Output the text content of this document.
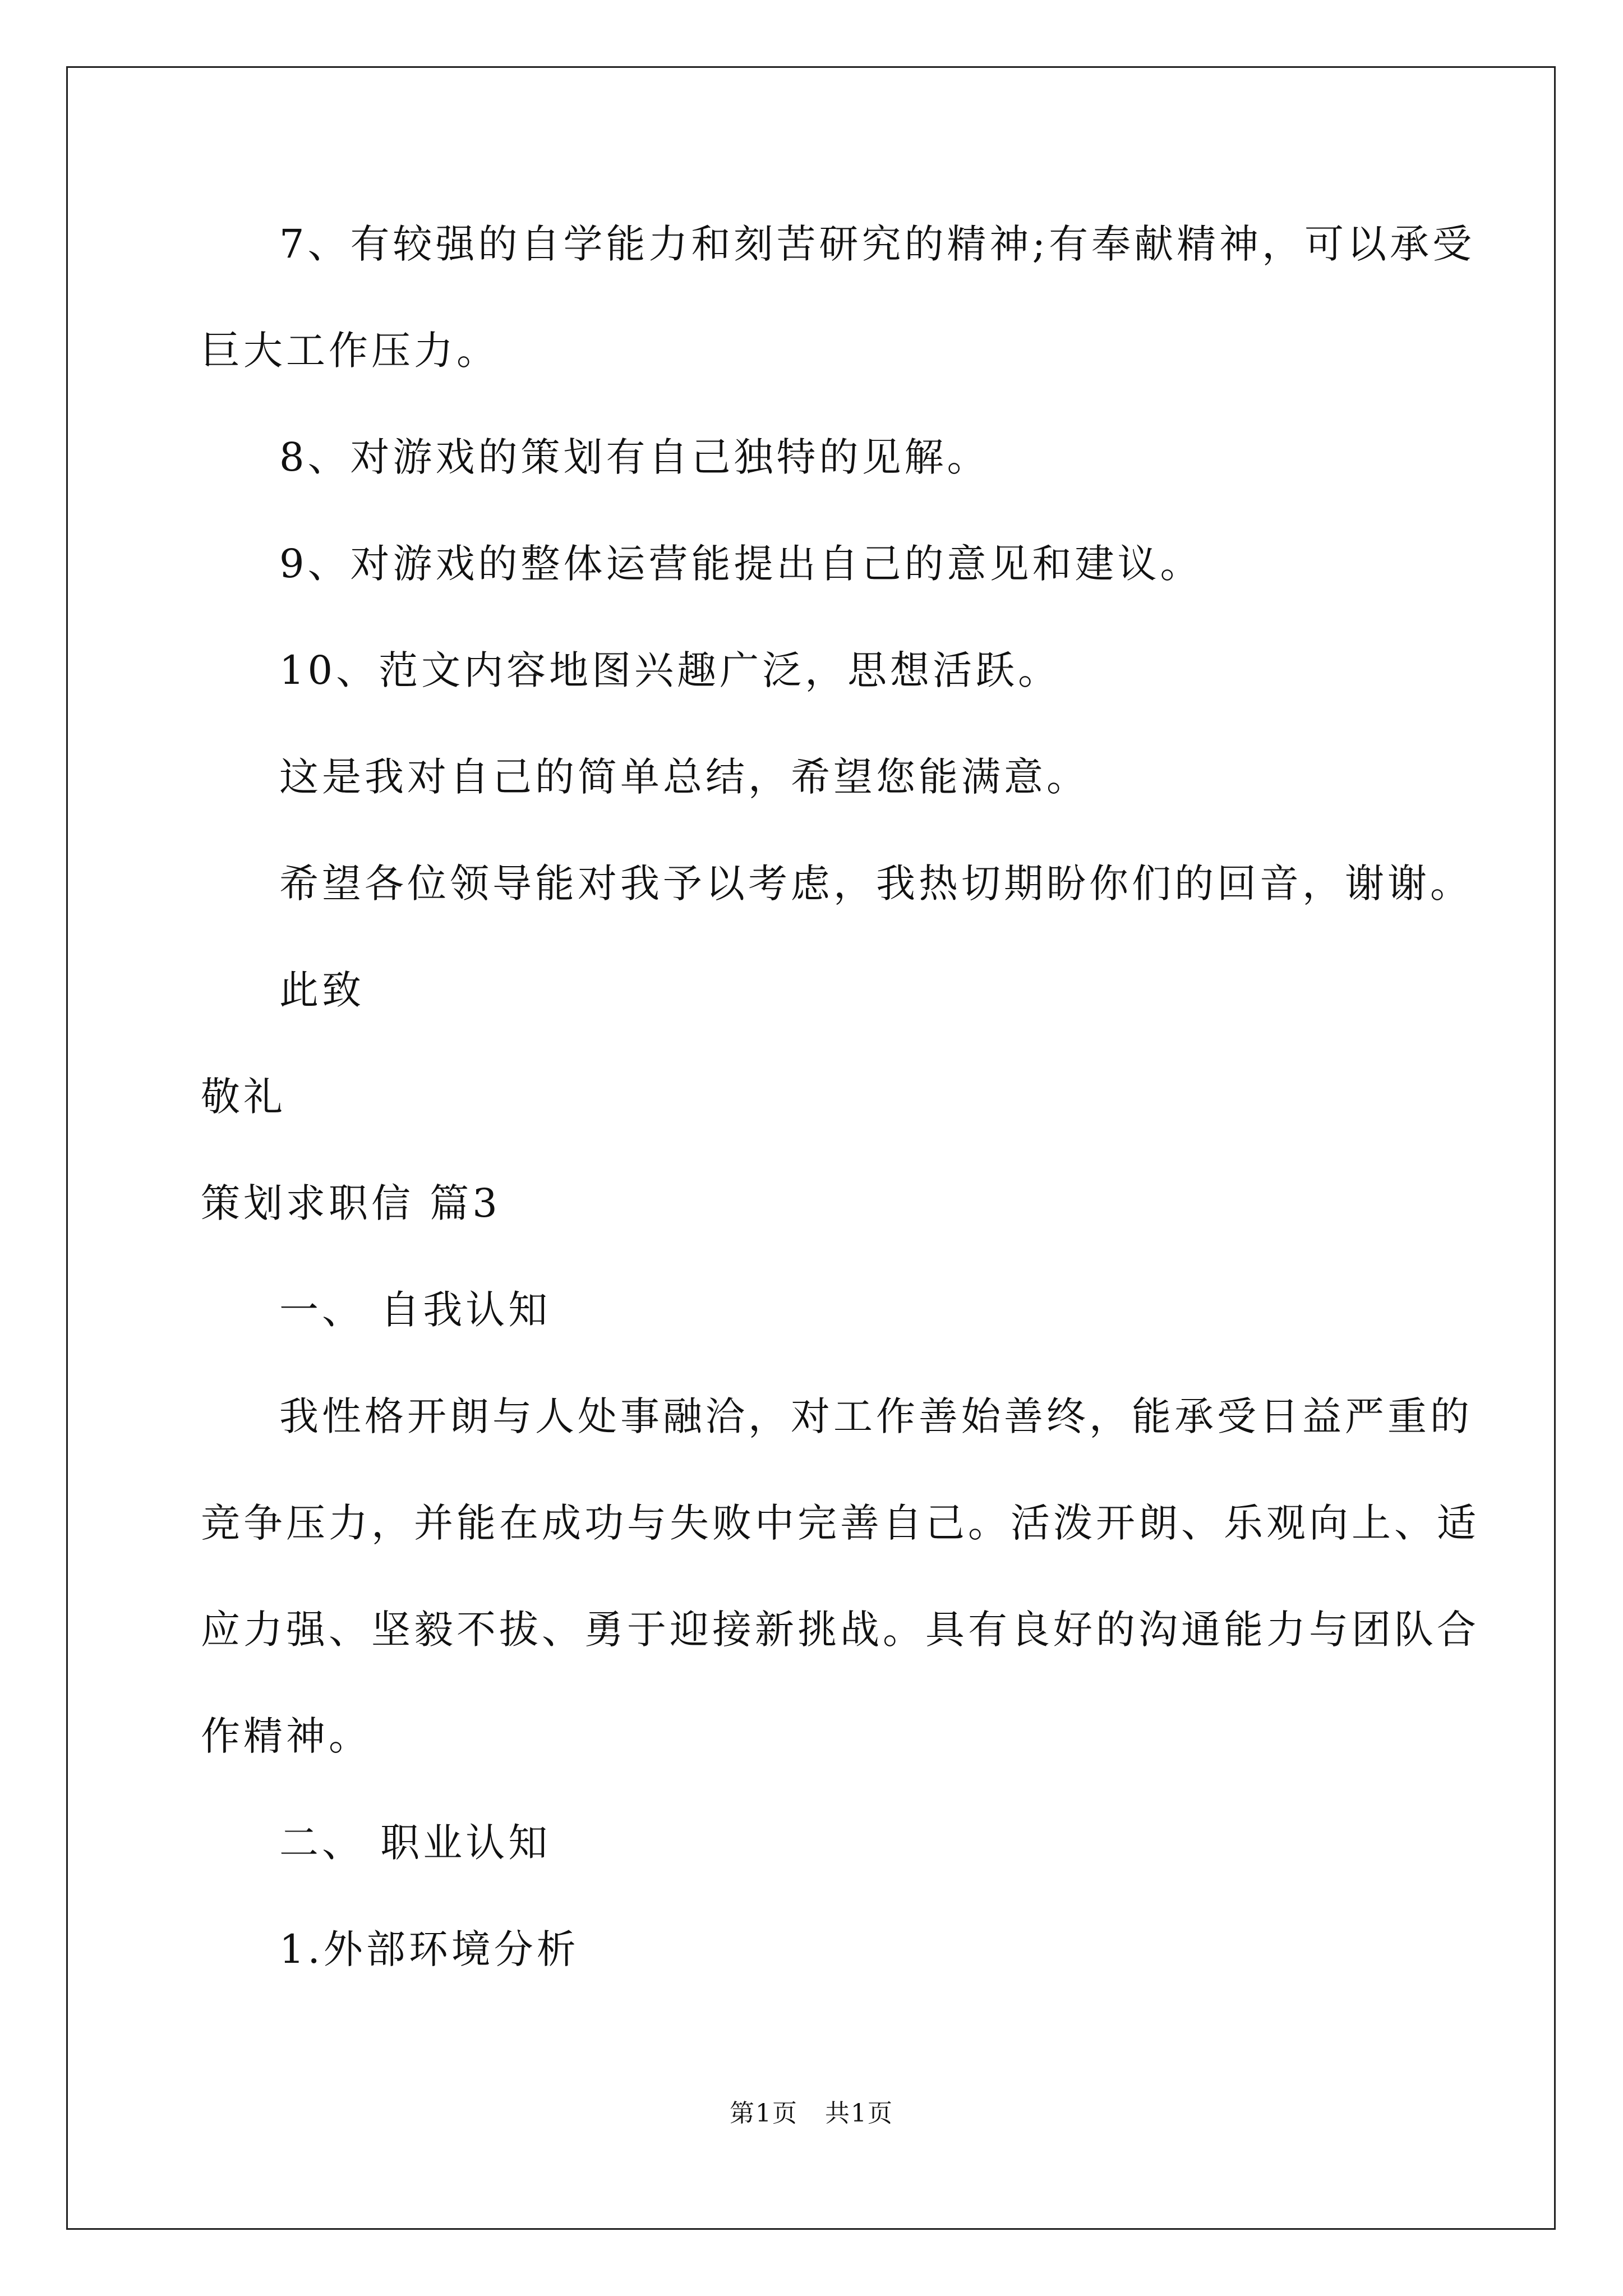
7、有较强的自学能力和刻苦研究的精神;有奉献精神，可以承受
巨大工作压力。
8、对游戏的策划有自己独特的见解。
9、对游戏的整体运营能提出自己的意见和建议。
10、范文内容地图兴趣广泛，思想活跃。
这是我对自己的简单总结，希望您能满意。
希望各位领导能对我予以考虑，我热切期盼你们的回音，谢谢。
此致
敬礼
策划求职信 篇3
一、 自我认知
我性格开朗与人处事融洽，对工作善始善终，能承受日益严重的
竞争压力，并能在成功与失败中完善自己。活泼开朗、乐观向上、适
应力强、坚毅不拔、勇于迎接新挑战。具有良好的沟通能力与团队合
作精神。
二、 职业认知
1.外部环境分析
第1页 共1页
